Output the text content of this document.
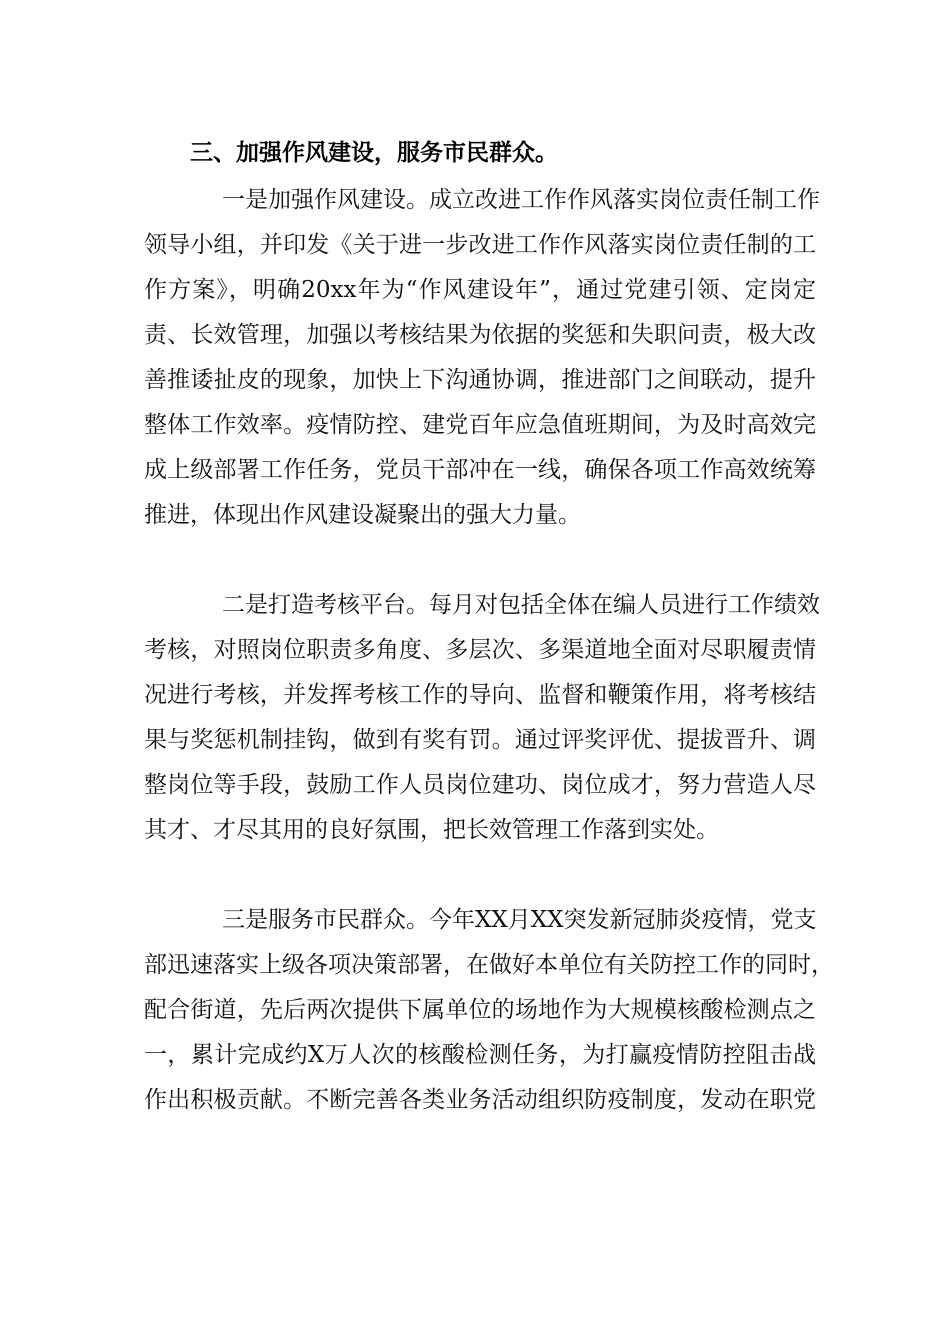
三、加强作风建设，服务市民群众。
一是加强作风建设。成立改进工作作风落实岗位责任制工作
领导小组，并印发《关于进一步改进工作作风落实岗位责任制的工
作方案》，明确20xx年为“作风建设年”，通过党建引领、定岗定
责、长效管理，加强以考核结果为依据的奖惩和失职问责，极大改
善推诿扯皮的现象，加快上下沟通协调，推进部门之间联动，提升
整体工作效率。疫情防控、建党百年应急值班期间，为及时高效完
成上级部署工作任务，党员干部冲在一线，确保各项工作高效统筹
推进，体现出作风建设凝聚出的强大力量。
二是打造考核平台。每月对包括全体在编人员进行工作绩效
考核，对照岗位职责多角度、多层次、多渠道地全面对尽职履责情
况进行考核，并发挥考核工作的导向、监督和鞭策作用，将考核结
果与奖惩机制挂钩，做到有奖有罚。通过评奖评优、提拔晋升、调
整岗位等手段，鼓励工作人员岗位建功、岗位成才，努力营造人尽
其才、才尽其用的良好氛围，把长效管理工作落到实处。
三是服务市民群众。今年XX月XX突发新冠肺炎疫情，党支
部迅速落实上级各项决策部署，在做好本单位有关防控工作的同时，
配合街道，先后两次提供下属单位的场地作为大规模核酸检测点之
一，累计完成约X万人次的核酸检测任务，为打赢疫情防控阻击战
作出积极贡献。不断完善各类业务活动组织防疫制度，发动在职党
